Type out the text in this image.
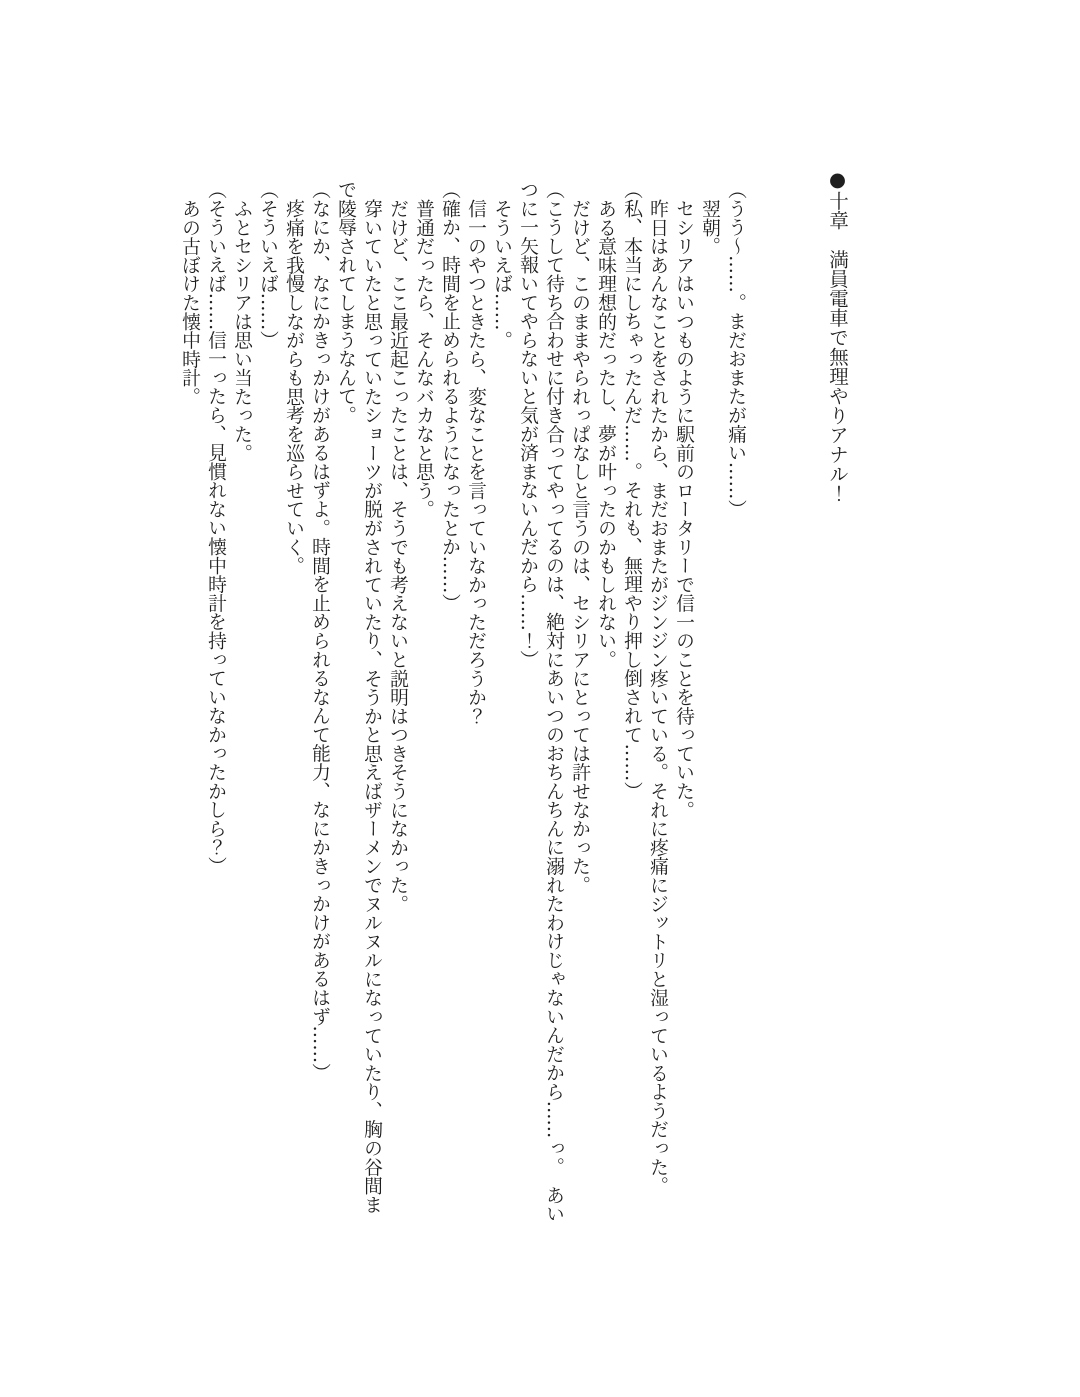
●十章　満員電車で無理やりアナル！

（うう～……。まだおまたが痛い……）

翌朝。

セシリアはいつものように駅前のロータリーで信一のことを待っていた。

昨日はあんなことをされたから、まだおまたがジンジン疼いている。それに疼痛にジットリと湿っているようだった。

（私、本当にしちゃったんだ……。それも、無理やり押し倒されて……）

ある意味理想的だったし、夢が叶ったのかもしれない。

だけど、このままやられっぱなしと言うのは、セシリアにとっては許せなかった。

（こうして待ち合わせに付き合ってやってるのは、絶対にあいつのおちんちんに溺れたわけじゃないんだから……っ。　あい

つに一矢報いてやらないと気が済まないんだから……！）

そういえば……。

信一のやつときたら、変なことを言っていなかっただろうか？

（確か、時間を止められるようになったとか……）

普通だったら、そんなバカなと思う。

だけど、ここ最近起こったことは、そうでも考えないと説明はつきそうになかった。

穿いていたと思っていたショーツが脱がされていたり、そうかと思えばザーメンでヌルヌルになっていたり、胸の谷間ま

で陵辱されてしまうなんて。

（なにか、なにかきっかけがあるはずよ。時間を止められるなんて能力、なにかきっかけがあるはず……）

疼痛を我慢しながらも思考を巡らせていく。

（そういえば……）

ふとセシリアは思い当たった。

（そういえば……信一ったら、見慣れない懐中時計を持っていなかったかしら？）

あの古ぼけた懐中時計。
